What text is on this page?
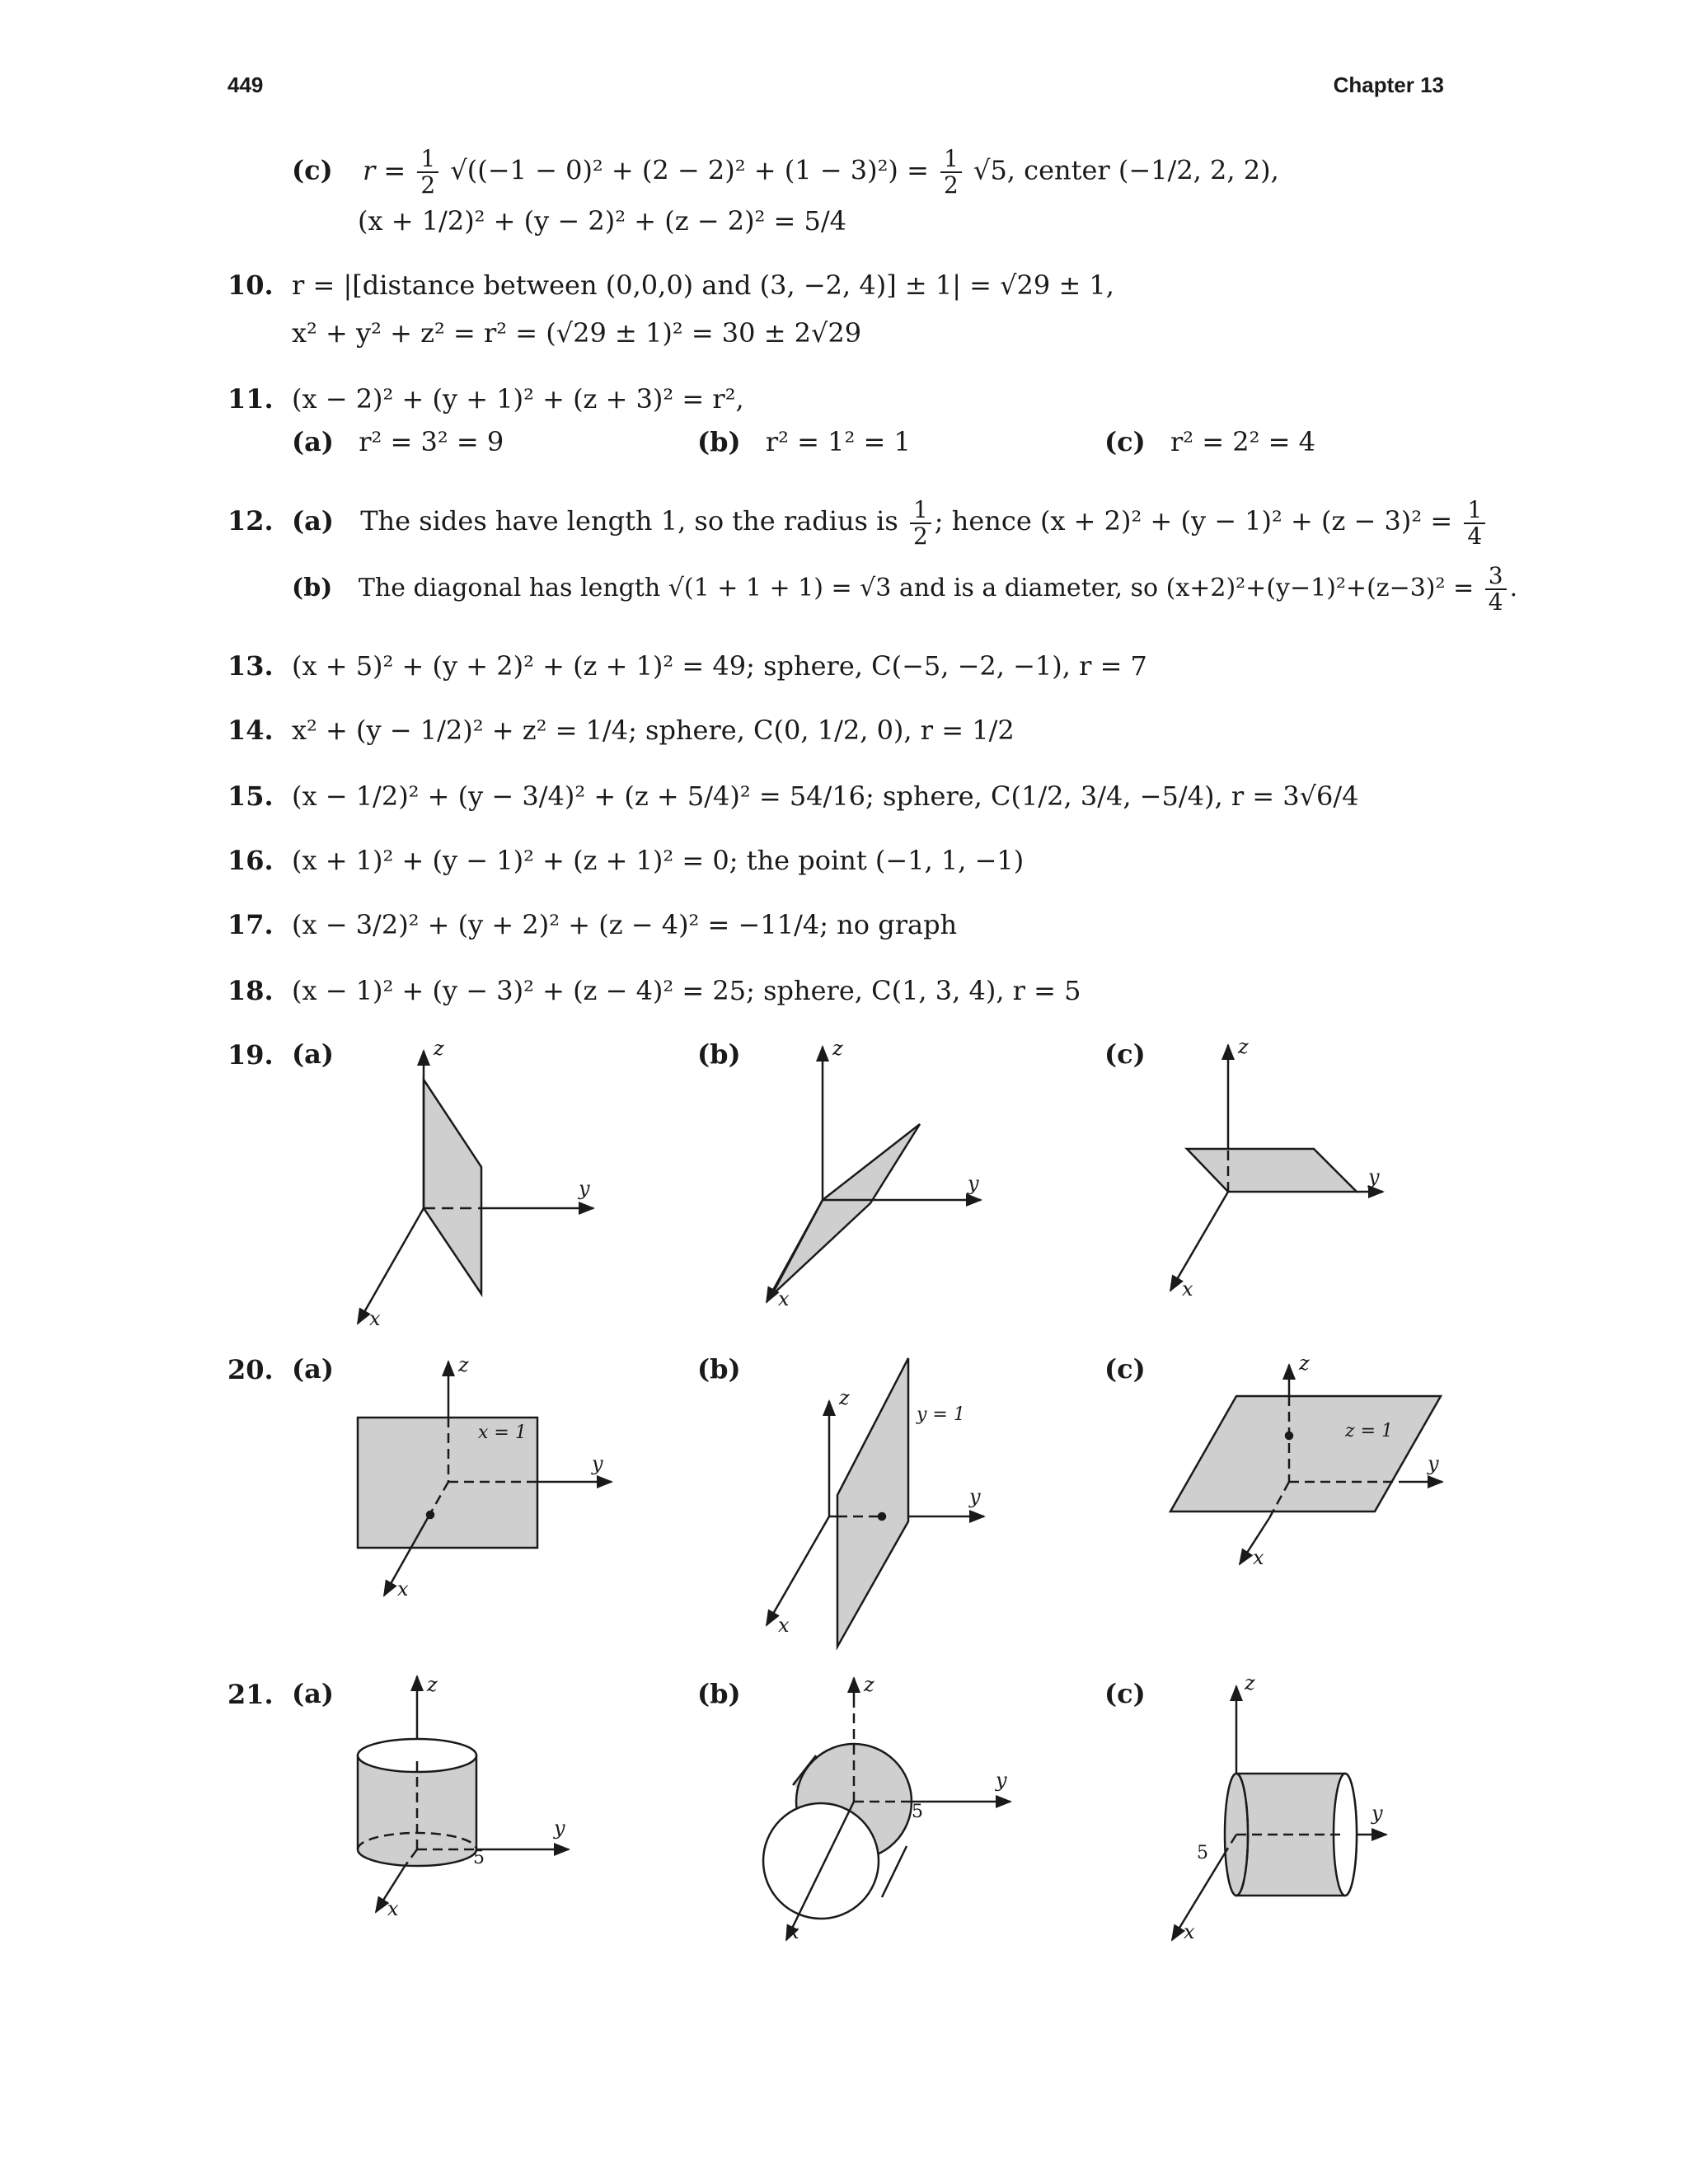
449	Chapter 13
(c) $r = \frac{1}{2} √((-1 - 0)^2 + (2 - 2)^2 + (1 - 3)^2) = \frac{1}{2} √5$, center (−1/2, 2, 2),
(x + 1/2)² + (y − 2)² + (z − 2)² = 5/4
10. r = |[distance between (0,0,0) and (3, −2, 4)] ± 1| = √29 ± 1,
x² + y² + z² = r² = (√29 ± 1)² = 30 ± 2√29
11. (x − 2)² + (y + 1)² + (z + 3)² = r²,
(a) r² = 3² = 9	(b) r² = 1² = 1	(c) r² = 2² = 4
12. (a) The sides have length 1, so the radius is $\frac{1}{2}$ ; hence $(x + 2)^2 + (y - 1)^2 + (z - 3)^2 = \frac{1}{4}$
(b) The diagonal has length √(1 + 1 + 1) = √3 and is a diameter, so $(x+2)^2+(y-1)^2+(z-3)^2 = \frac{3}{4}$ .
13. (x + 5)² + (y + 2)² + (z + 1)² = 49; sphere, C(−5, −2, −1), r = 7
14. x² + (y − 1/2)² + z² = 1/4; sphere, C(0, 1/2, 0), r = 1/2
15. (x − 1/2)² + (y − 3/4)² + (z + 5/4)² = 54/16; sphere, C(1/2, 3/4, −5/4), r = 3√6/4
16. (x + 1)² + (y − 1)² + (z + 1)² = 0; the point (−1, 1, −1)
17. (x − 3/2)² + (y + 2)² + (z − 4)² = −11/4; no graph
18. (x − 1)² + (y − 3)² + (z − 4)² = 25; sphere, C(1, 3, 4), r = 5
19. (a)	(b)	(c)
z
y
x
z
y
x
z
y
x
20. (a)	(b)	(c)
z
x = 1
y
x
z
y = 1
y
x
z
z = 1
y
x
21. (a)	(b)	(c)
z
y
5
x
z
y
5
x
z
y
5
x
